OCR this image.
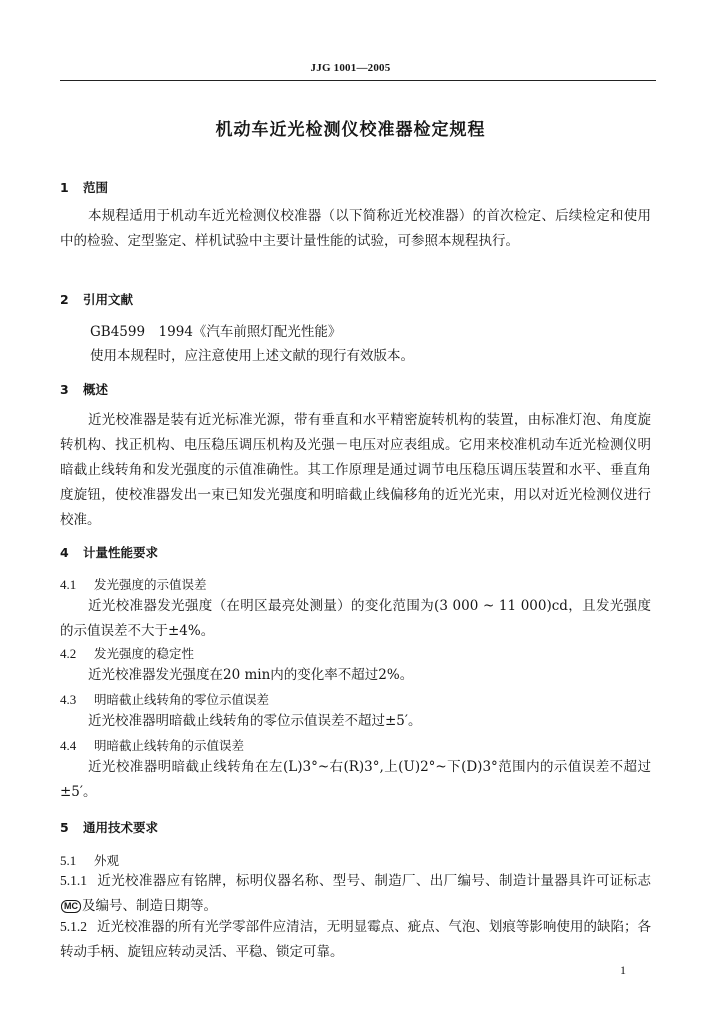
JJG 1001—2005
机动车近光检测仪校准器检定规程
1 范围

本规程适用于机动车近光检测仪校准器（以下简称近光校准器）的首次检定、后续检定和使用中的检验、定型鉴定、样机试验中主要计量性能的试验，可参照本规程执行。

2 引用文献
GB4599　1994《汽车前照灯配光性能》
使用本规程时，应注意使用上述文献的现行有效版本。
3 概述

近光校准器是装有近光标准光源，带有垂直和水平精密旋转机构的装置，由标准灯泡、角度旋转机构、找正机构、电压稳压调压机构及光强－电压对应表组成。它用来校准机动车近光检测仪明暗截止线转角和发光强度的示值准确性。其工作原理是通过调节电压稳压调压装置和水平、垂直角度旋钮，使校准器发出一束已知发光强度和明暗截止线偏移角的近光光束，用以对近光检测仪进行校准。

4 计量性能要求
4.1 发光强度的示值误差

近光校准器发光强度（在明区最亮处测量）的变化范围为(3 000 ~ 11 000)cd，且发光强度的示值误差不大于±4%。

4.2 发光强度的稳定性

近光校准器发光强度在20 min内的变化率不超过2%。

4.3 明暗截止线转角的零位示值误差

近光校准器明暗截止线转角的零位示值误差不超过±5′。

4.4 明暗截止线转角的示值误差

近光校准器明暗截止线转角在左(L)3°~右(R)3°,上(U)2°~下(D)3°范围内的示值误差不超过±5′。

5 通用技术要求
5.1 外观

5.1.1 近光校准器应有铭牌，标明仪器名称、型号、制造厂、出厂编号、制造计量器具许可证标志MC 及编号、制造日期等。

5.1.2 近光校准器的所有光学零部件应清洁，无明显霉点、疵点、气泡、划痕等影响使用的缺陷；各转动手柄、旋钮应转动灵活、平稳、锁定可靠。

1
